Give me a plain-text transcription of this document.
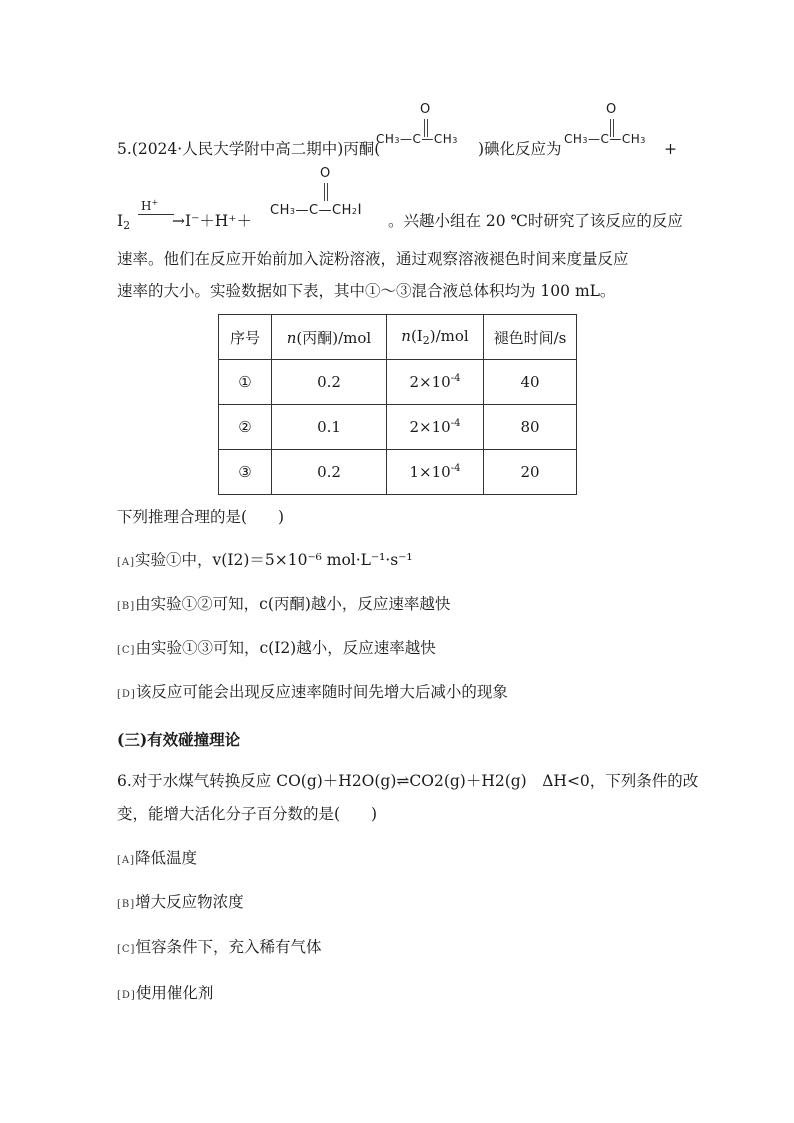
5.(2024·人民大学附中高二期中)丙酮(
O
CH3—C—CH3 )碘化反应为
O
CH3—C—CH3 +
$I_2$
H+
→I⁻＋H⁺＋
O
CH3—C—CH2I
。兴趣小组在 20 ℃时研究了该反应的反应
速率。他们在反应开始前加入淀粉溶液，通过观察溶液褪色时间来度量反应
速率的大小。实验数据如下表，其中①～③混合液总体积均为 100 mL。
序号	n(丙酮)/mol	$n(I_2)$/mol	褪色时间/s
①	0.2	$2\times 10^{-4}$	40
②	0.1	$2\times 10^{-4}$	80
③	0.2	$1\times 10^{-4}$	20
下列推理合理的是(　　)
[A]实验①中，v(I2)＝5×10⁻⁶ mol·L⁻¹·s⁻¹
[B]由实验①②可知，c(丙酮)越小，反应速率越快
[C]由实验①③可知，c(I2)越小，反应速率越快
[D]该反应可能会出现反应速率随时间先增大后减小的现象
(三)有效碰撞理论
6.对于水煤气转换反应 CO(g)＋H2O(g)⇌CO2(g)＋H2(g)　ΔH<0，下列条件的改
变，能增大活化分子百分数的是(　　)
[A]降低温度
[B]增大反应物浓度
[C]恒容条件下，充入稀有气体
[D]使用催化剂
